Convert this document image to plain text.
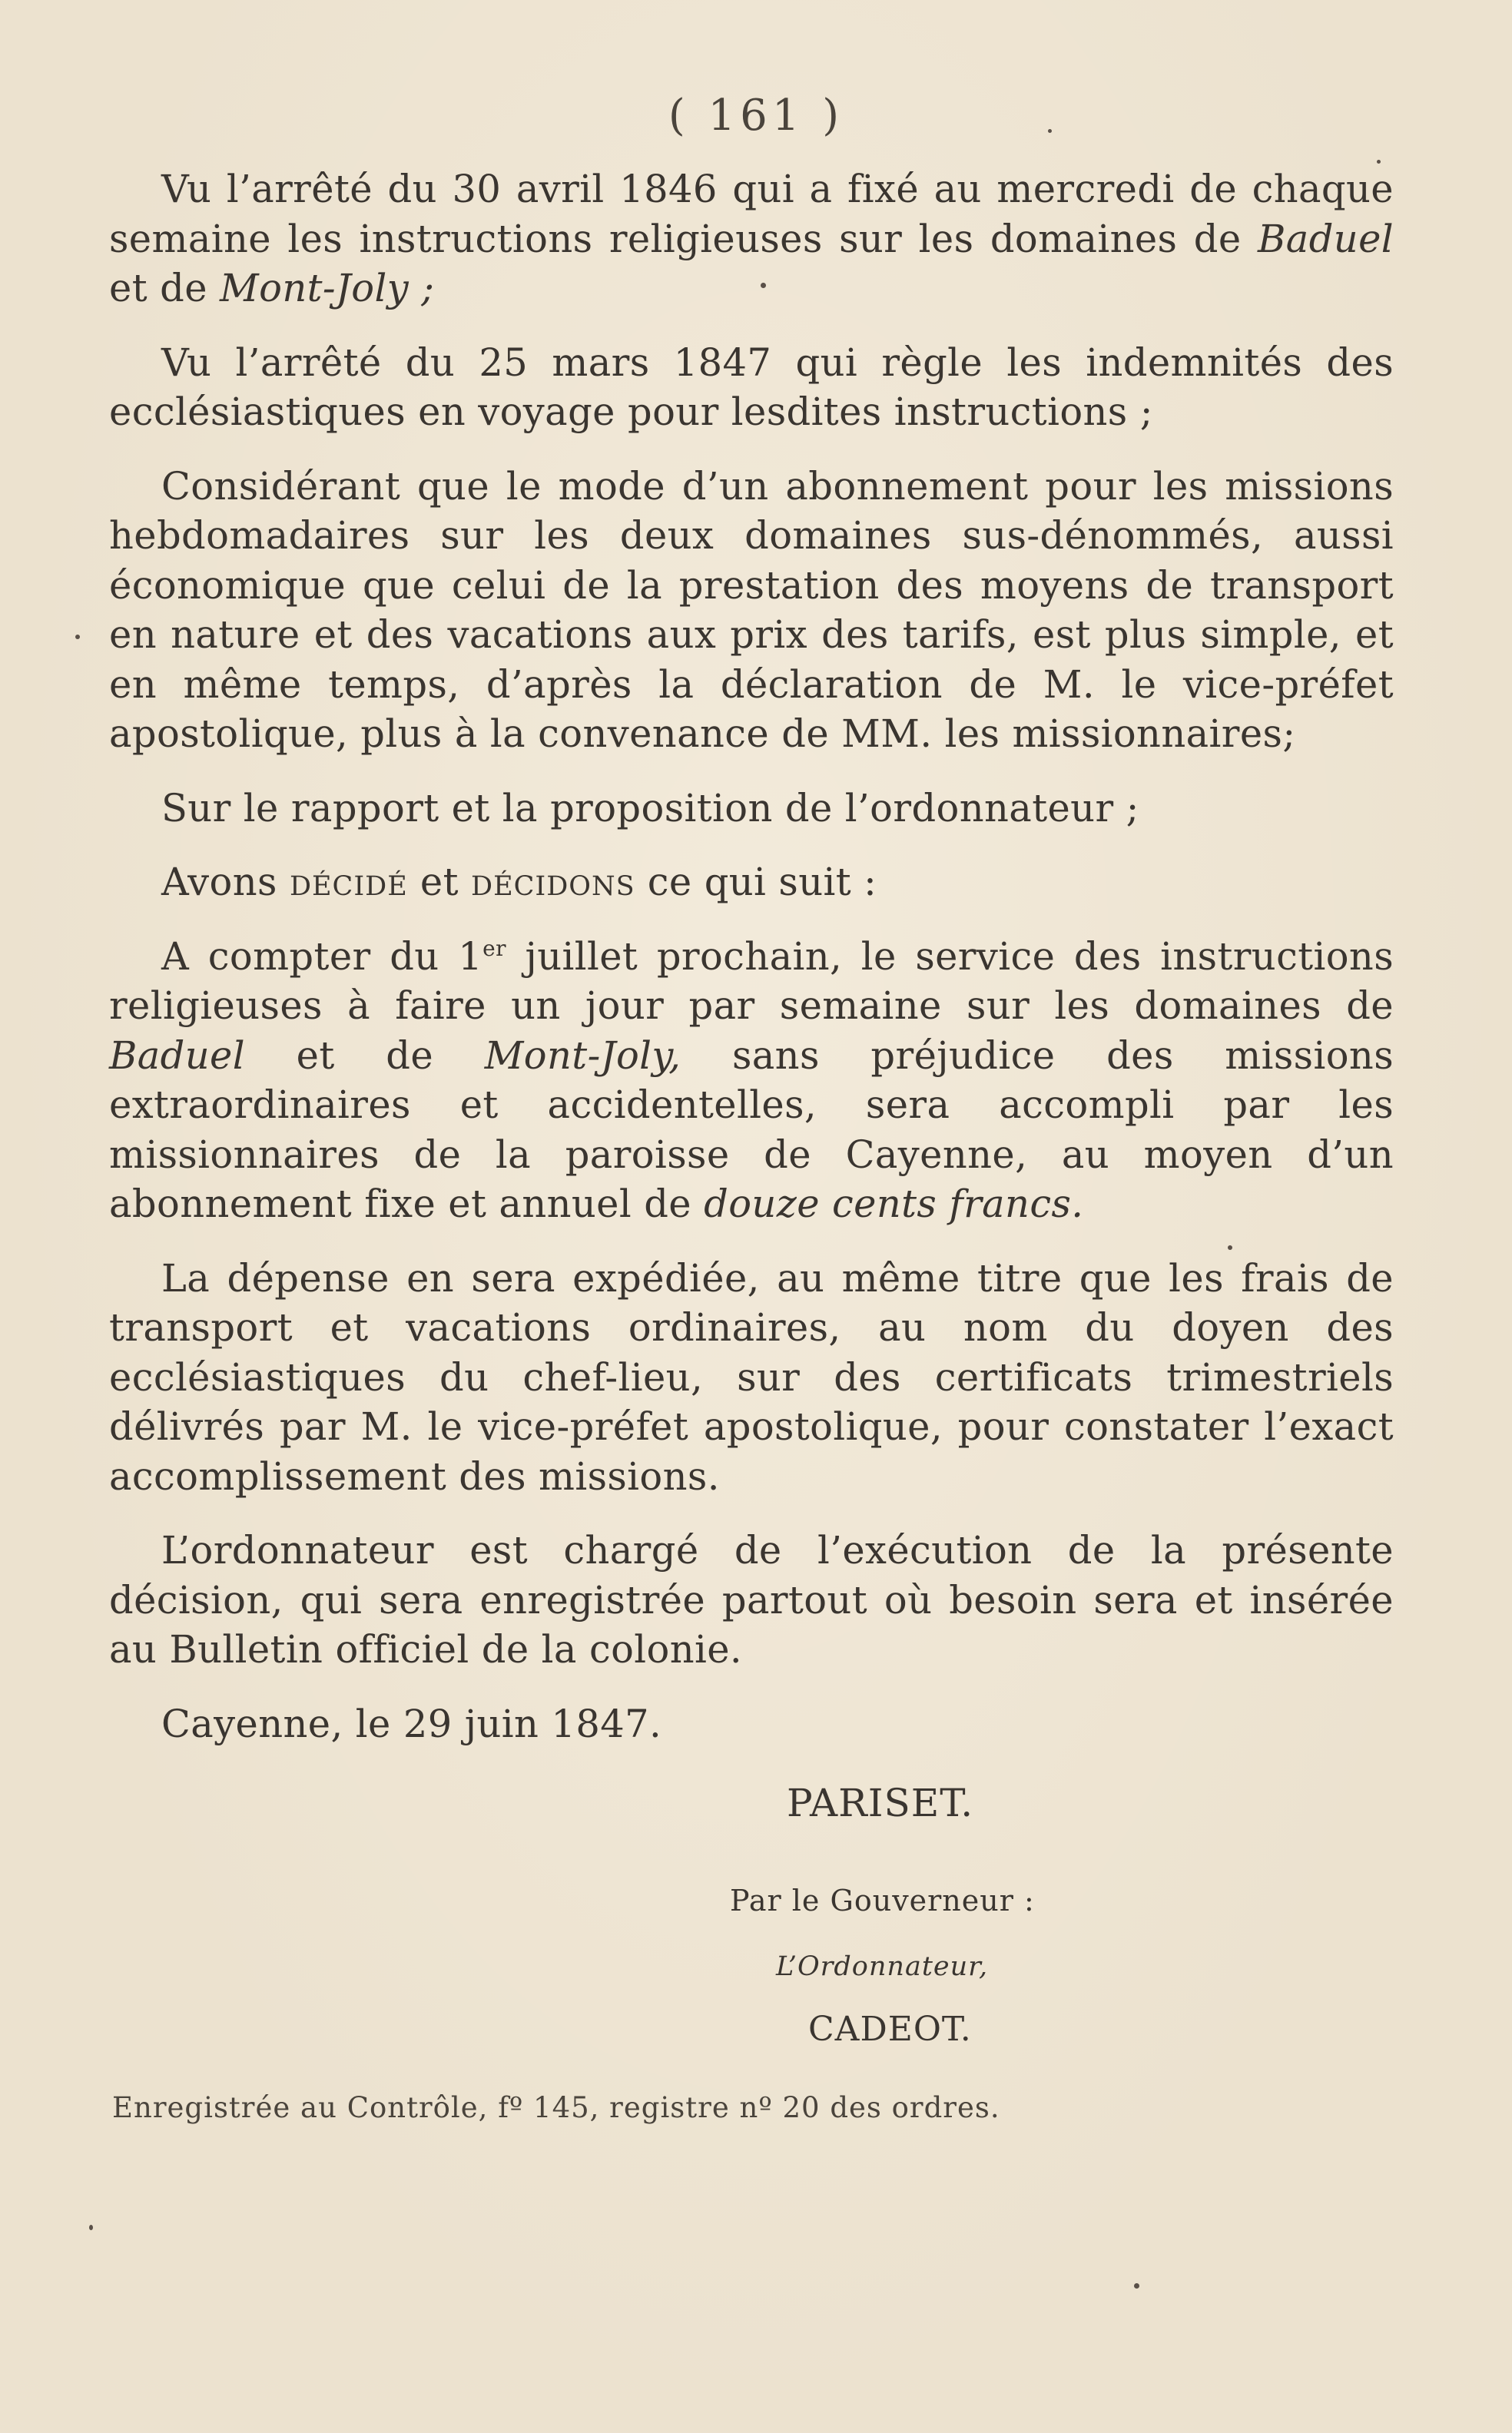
( 161 )

Vu l’arrêté du 30 avril 1846 qui a fixé au mercredi de chaque semaine les instructions religieuses sur les domaines de Baduel et de Mont-Joly ;

Vu l’arrêté du 25 mars 1847 qui règle les indemnités des ecclésiastiques en voyage pour lesdites instructions ;

Considérant que le mode d’un abonnement pour les missions hebdomadaires sur les deux domaines sus-dénommés, aussi économique que celui de la prestation des moyens de transport en nature et des vacations aux prix des tarifs, est plus simple, et en même temps, d’après la déclaration de M. le vice-préfet apostolique, plus à la convenance de MM. les missionnaires;

Sur le rapport et la proposition de l’ordonnateur ;

Avons décidé et décidons ce qui suit :

A compter du 1er juillet prochain, le service des instructions religieuses à faire un jour par semaine sur les domaines de Baduel et de Mont-Joly, sans préjudice des missions extraordinaires et accidentelles, sera accompli par les missionnaires de la paroisse de Cayenne, au moyen d’un abonnement fixe et annuel de douze cents francs.

La dépense en sera expédiée, au même titre que les frais de transport et vacations ordinaires, au nom du doyen des ecclésiastiques du chef-lieu, sur des certificats trimestriels délivrés par M. le vice-préfet apostolique, pour constater l’exact accomplissement des missions.

L’ordonnateur est chargé de l’exécution de la présente décision, qui sera enregistrée partout où besoin sera et insérée au Bulletin officiel de la colonie.

Cayenne, le 29 juin 1847.

PARISET.
Par le Gouverneur :
L’Ordonnateur,
CADEOT.
Enregistrée au Contrôle, fº 145, registre nº 20 des ordres.
